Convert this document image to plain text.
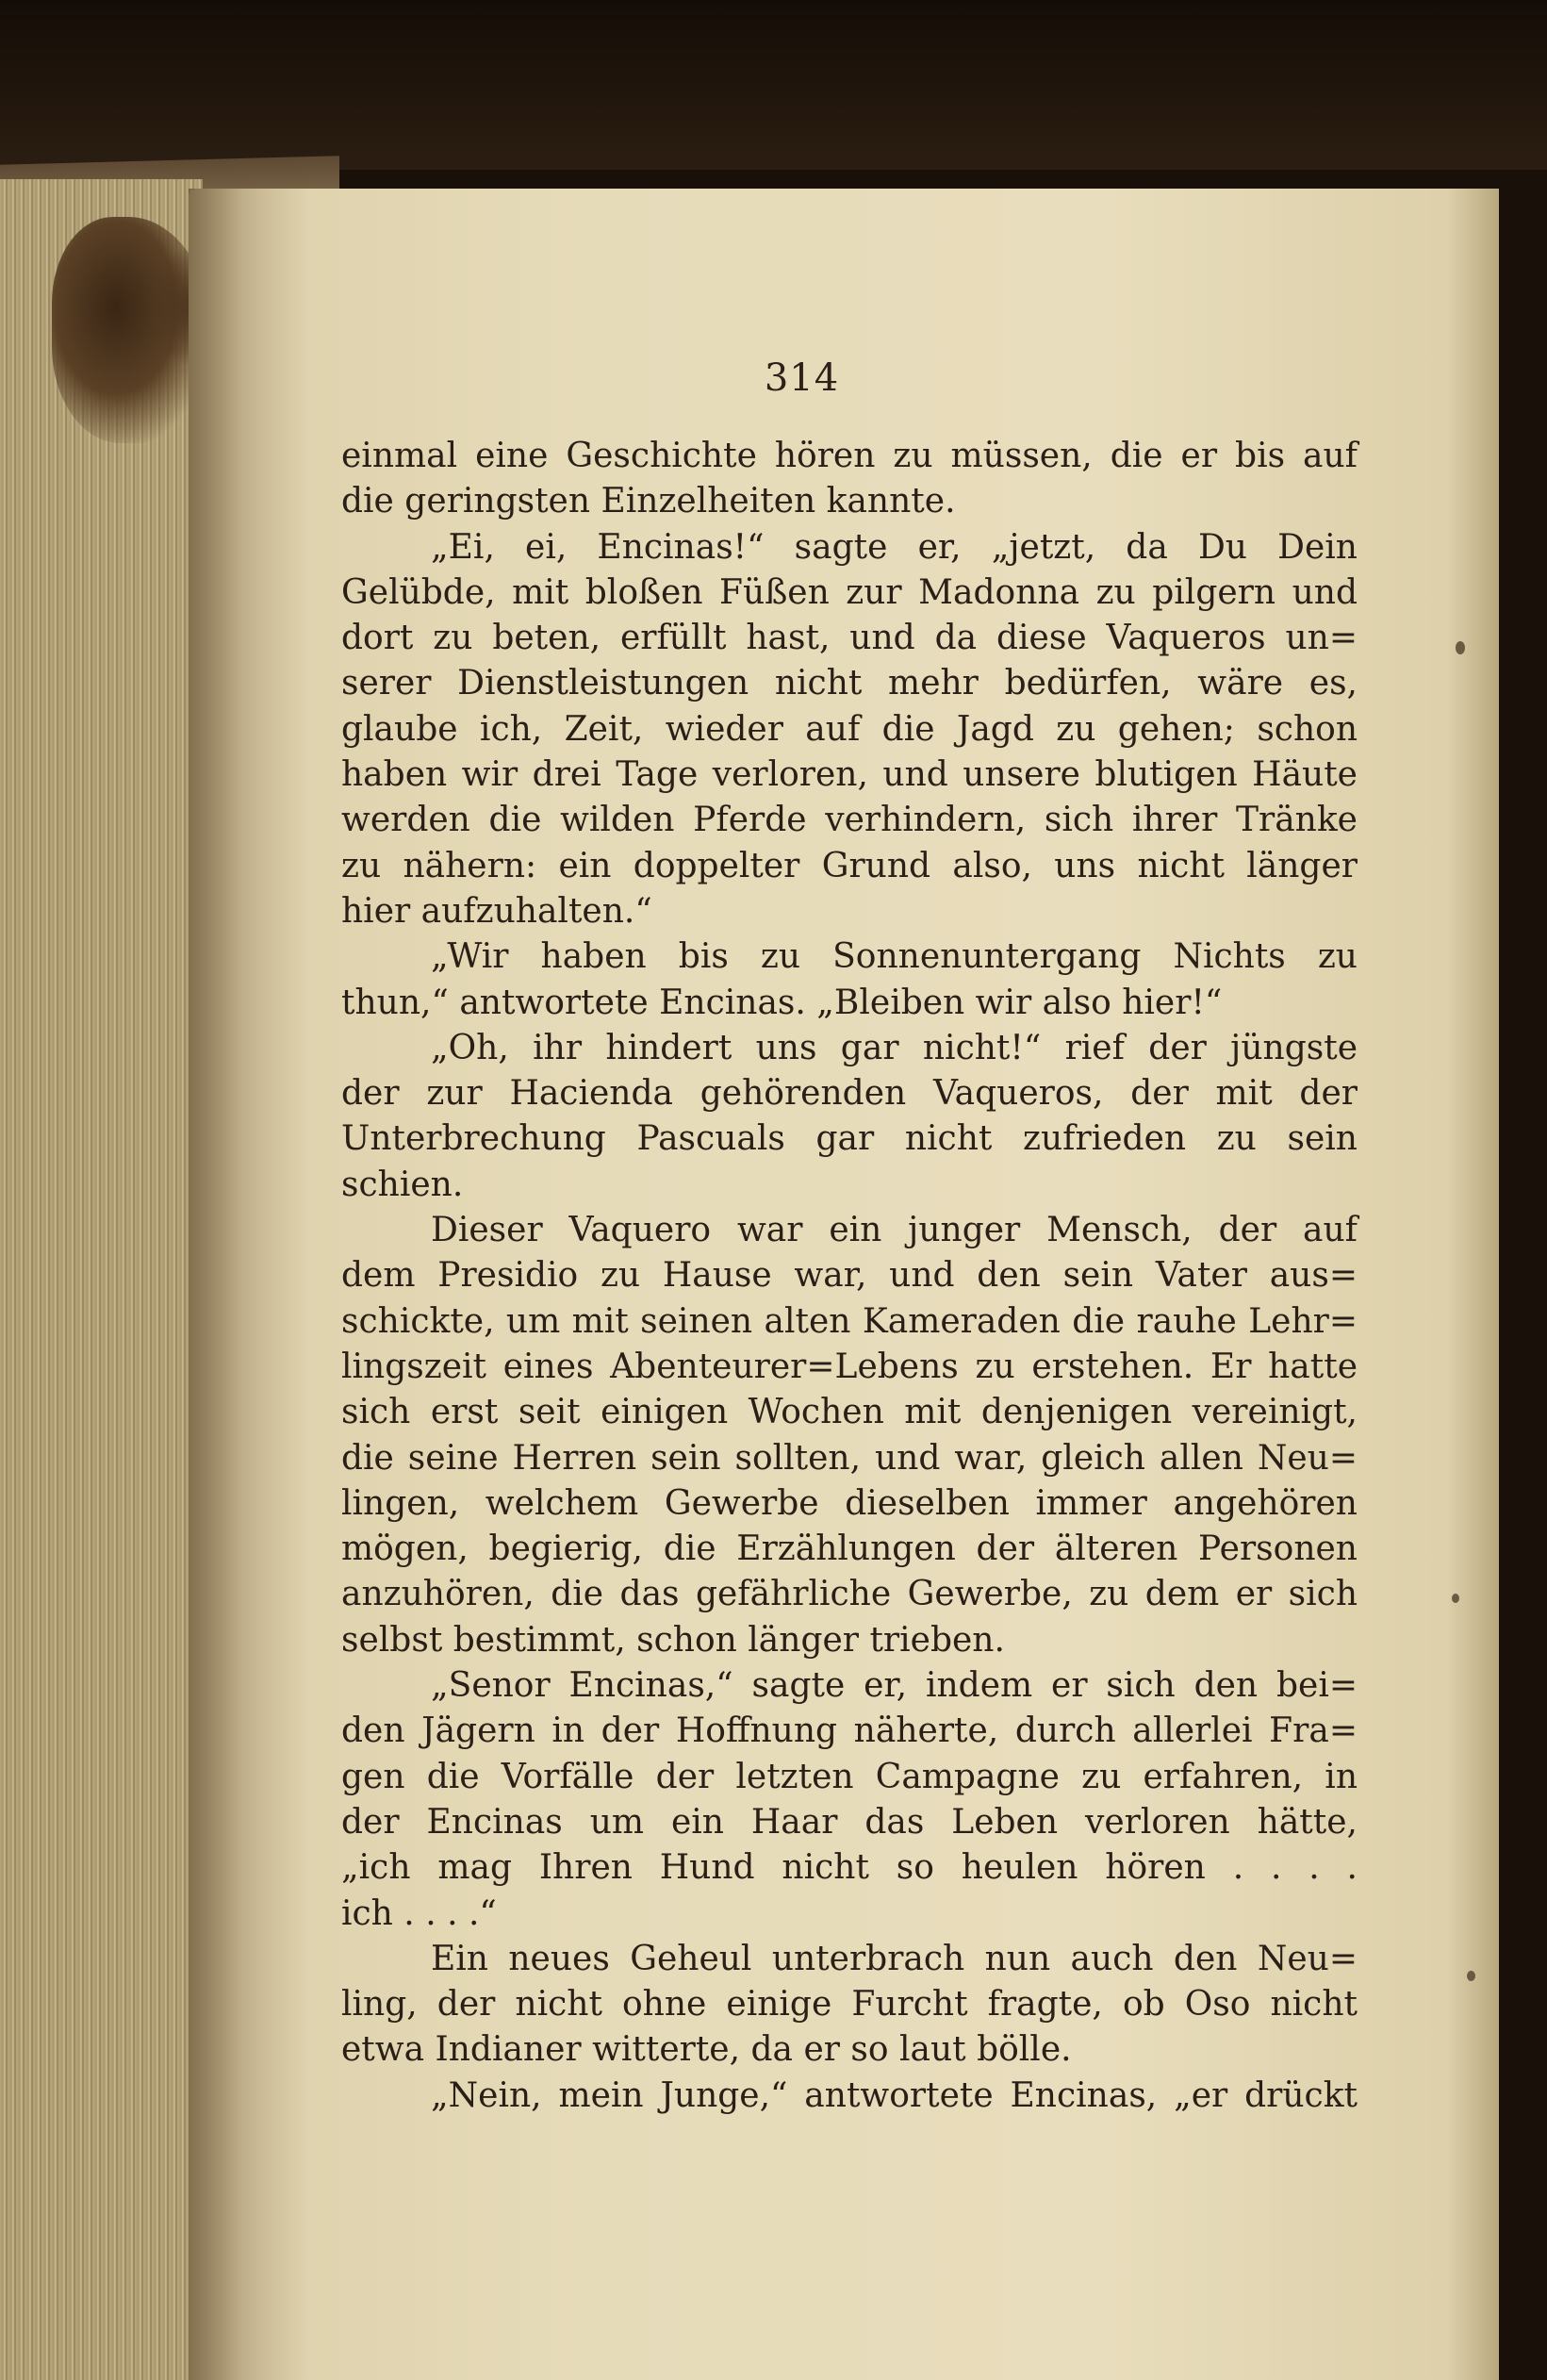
314
einmal eine Geschichte hören zu müssen, die er bis auf
die geringsten Einzelheiten kannte.
„Ei, ei, Encinas!“ sagte er, „jetzt, da Du Dein
Gelübde, mit bloßen Füßen zur Madonna zu pilgern und
dort zu beten, erfüllt hast, und da diese Vaqueros un=
serer Dienstleistungen nicht mehr bedürfen, wäre es,
glaube ich, Zeit, wieder auf die Jagd zu gehen; schon
haben wir drei Tage verloren, und unsere blutigen Häute
werden die wilden Pferde verhindern, sich ihrer Tränke
zu nähern: ein doppelter Grund also, uns nicht länger
hier aufzuhalten.“
„Wir haben bis zu Sonnenuntergang Nichts zu
thun,“ antwortete Encinas. „Bleiben wir also hier!“
„Oh, ihr hindert uns gar nicht!“ rief der jüngste
der zur Hacienda gehörenden Vaqueros, der mit der
Unterbrechung Pascuals gar nicht zufrieden zu sein
schien.
Dieser Vaquero war ein junger Mensch, der auf
dem Presidio zu Hause war, und den sein Vater aus=
schickte, um mit seinen alten Kameraden die rauhe Lehr=
lingszeit eines Abenteurer=Lebens zu erstehen. Er hatte
sich erst seit einigen Wochen mit denjenigen vereinigt,
die seine Herren sein sollten, und war, gleich allen Neu=
lingen, welchem Gewerbe dieselben immer angehören
mögen, begierig, die Erzählungen der älteren Personen
anzuhören, die das gefährliche Gewerbe, zu dem er sich
selbst bestimmt, schon länger trieben.
„Senor Encinas,“ sagte er, indem er sich den bei=
den Jägern in der Hoffnung näherte, durch allerlei Fra=
gen die Vorfälle der letzten Campagne zu erfahren, in
der Encinas um ein Haar das Leben verloren hätte,
„ich mag Ihren Hund nicht so heulen hören . . . .
ich . . . .“
Ein neues Geheul unterbrach nun auch den Neu=
ling, der nicht ohne einige Furcht fragte, ob Oso nicht
etwa Indianer witterte, da er so laut bölle.
„Nein, mein Junge,“ antwortete Encinas, „er drückt
